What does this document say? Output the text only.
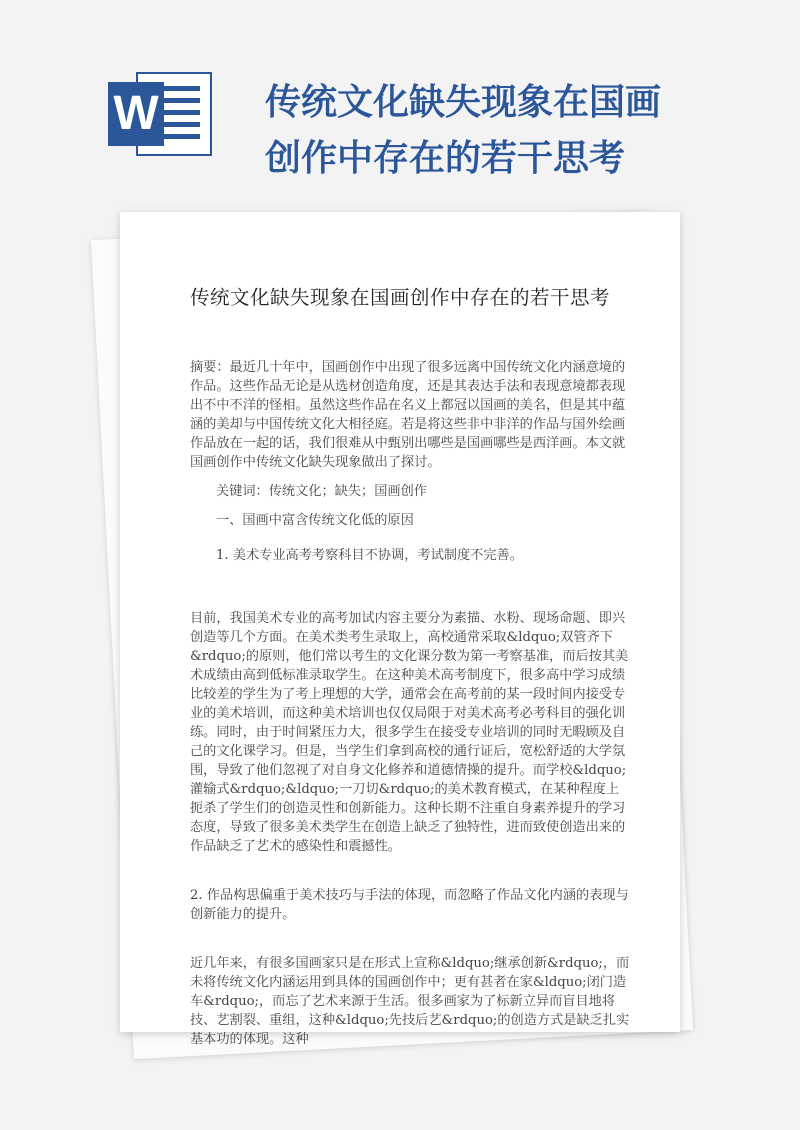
W	传统文化缺失现象在国画创作中存在的若干思考
传统文化缺失现象在国画创作中存在的若干思考

摘要：最近几十年中，国画创作中出现了很多远离中国传统文化内涵意境的作品。这些作品无论是从选材创造角度，还是其表达手法和表现意境都表现出不中不洋的怪相。虽然这些作品在名义上都冠以国画的美名，但是其中蕴涵的美却与中国传统文化大相径庭。若是将这些非中非洋的作品与国外绘画作品放在一起的话，我们很难从中甄别出哪些是国画哪些是西洋画。本文就国画创作中传统文化缺失现象做出了探讨。

关键词：传统文化；缺失；国画创作

一、国画中富含传统文化低的原因

1. 美术专业高考考察科目不协调，考试制度不完善。

目前，我国美术专业的高考加试内容主要分为素描、水粉、现场命题、即兴创造等几个方面。在美术类考生录取上，高校通常采取&ldquo;双管齐下&rdquo;的原则，他们常以考生的文化课分数为第一考察基准，而后按其美术成绩由高到低标准录取学生。在这种美术高考制度下，很多高中学习成绩比较差的学生为了考上理想的大学，通常会在高考前的某一段时间内接受专业的美术培训，而这种美术培训也仅仅局限于对美术高考必考科目的强化训练。同时，由于时间紧压力大，很多学生在接受专业培训的同时无暇顾及自己的文化课学习。但是，当学生们拿到高校的通行证后，宽松舒适的大学氛围，导致了他们忽视了对自身文化修养和道德情操的提升。而学校&ldquo;灌输式&rdquo;&ldquo;一刀切&rdquo;的美术教育模式，在某种程度上扼杀了学生们的创造灵性和创新能力。这种长期不注重自身素养提升的学习态度，导致了很多美术类学生在创造上缺乏了独特性，进而致使创造出来的作品缺乏了艺术的感染性和震撼性。

2. 作品构思偏重于美术技巧与手法的体现，而忽略了作品文化内涵的表现与创新能力的提升。

近几年来，有很多国画家只是在形式上宣称&ldquo;继承创新&rdquo;，而未将传统文化内涵运用到具体的国画创作中；更有甚者在家&ldquo;闭门造车&rdquo;，而忘了艺术来源于生活。很多画家为了标新立异而盲目地将技、艺割裂、重组，这种&ldquo;先技后艺&rdquo;的创造方式是缺乏扎实基本功的体现。这种
